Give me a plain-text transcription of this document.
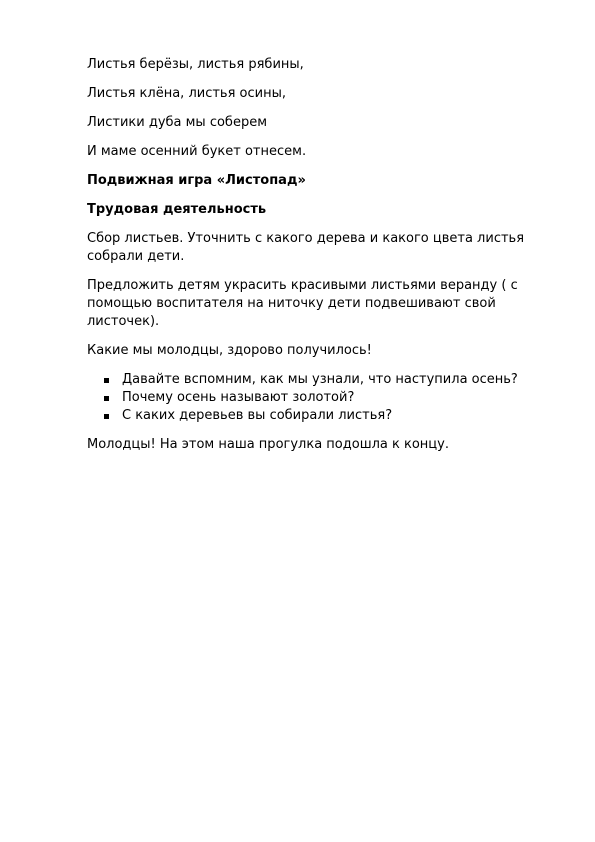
Листья берёзы, листья рябины,

Листья клёна, листья осины,

Листики дуба мы соберем

И маме осенний букет отнесем.

Подвижная игра «Листопад»

Трудовая деятельность

Сбор листьев. Уточнить с какого дерева и какого цвета листья собрали дети.

Предложить детям украсить красивыми листьями веранду ( с помощью воспитателя на ниточку дети подвешивают свой листочек).

Какие мы молодцы, здорово получилось!

Давайте вспомним, как мы узнали, что наступила осень?
Почему осень называют золотой?
С каких деревьев вы собирали листья?

Молодцы! На этом наша прогулка подошла к концу.
